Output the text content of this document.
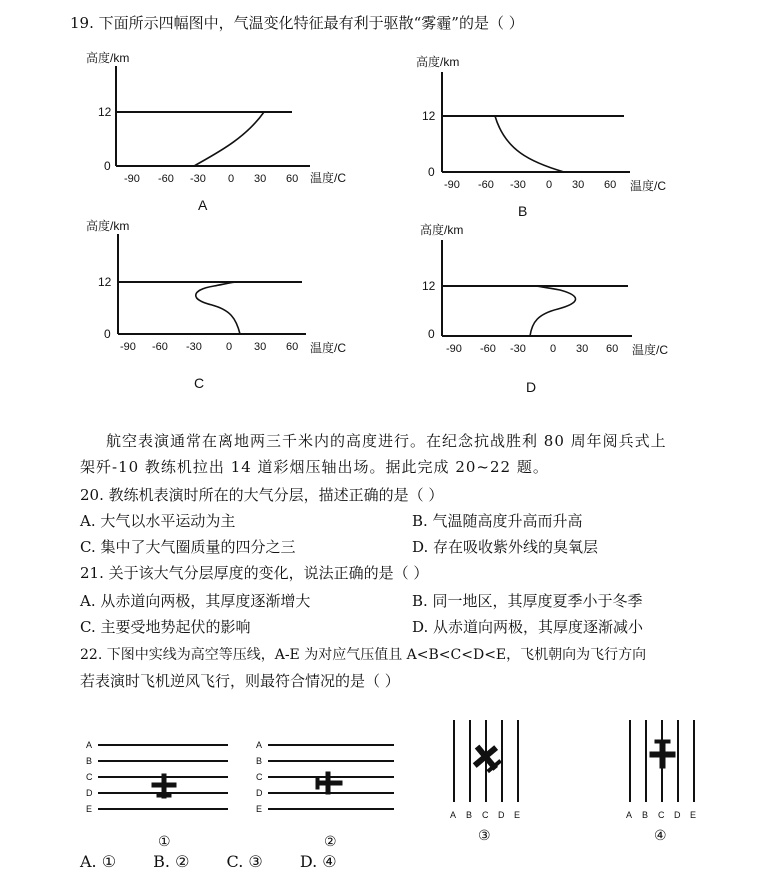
19. 下面所示四幅图中，气温变化特征最有利于驱散“雾霾”的是（ ）
高度/km
12
0
-90 -60 -30 0 30 60 温度/C
A
高度/km
12
0
-90 -60 -30 0 30 60 温度/C
B
高度/km
12
0
-90 -60 -30 0 30 60 温度/C
C
高度/km
12
0
-90 -60 -30 0 30 60 温度/C
D
航空表演通常在离地两三千米内的高度进行。在纪念抗战胜利 80 周年阅兵式上
架歼-10 教练机拉出 14 道彩烟压轴出场。据此完成 20~22 题。
20. 教练机表演时所在的大气分层，描述正确的是（ ）
A. 大气以水平运动为主	B. 气温随高度升高而升高
C. 集中了大气圈质量的四分之三	D. 存在吸收紫外线的臭氧层
21. 关于该大气分层厚度的变化，说法正确的是（ ）
A. 从赤道向两极，其厚度逐渐增大	B. 同一地区，其厚度夏季小于冬季
C. 主要受地势起伏的影响	D. 从赤道向两极，其厚度逐渐减小
22. 下图中实线为高空等压线，A-E 为对应气压值且 A<B<C<D<E，飞机朝向为飞行方向
若表演时飞机逆风飞行，则最符合情况的是（ ）
A
B
C
D
E
①
A
B
C
D
E
②
A B C D E
③
A B C D E
④
A. ① B. ② C. ③ D. ④
